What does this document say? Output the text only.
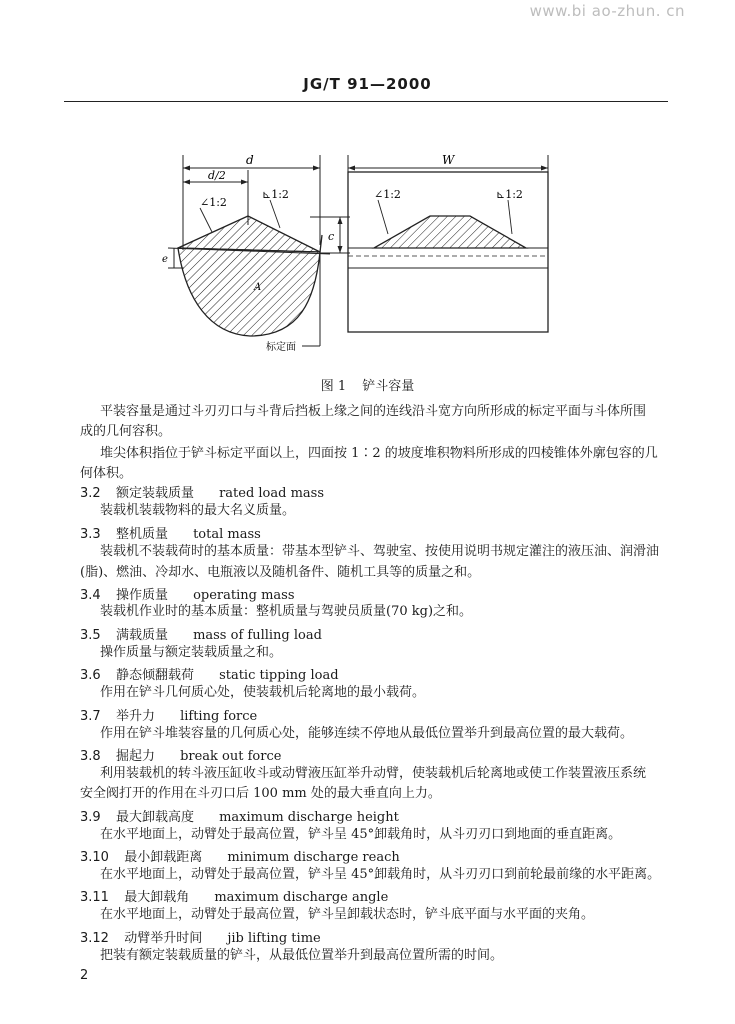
www.bi ao-zhun. cn
JG/T 91—2000
d
d/2
∠1:2
⊾1:2
c
e
A
标定面
W
∠1:2	⊾1:2
图 1 铲斗容量
平装容量是通过斗刃刃口与斗背后挡板上缘之间的连线沿斗宽方向所形成的标定平面与斗体所围
成的几何容积。
堆尖体积指位于铲斗标定平面以上，四面按 1∶2 的坡度堆积物料所形成的四棱锥体外廓包容的几
何体积。
3.2 额定装载质量 rated load mass
装载机装载物料的最大名义质量。
3.3 整机质量 total mass
装载机不装载荷时的基本质量：带基本型铲斗、驾驶室、按使用说明书规定灌注的液压油、润滑油
(脂)、燃油、冷却水、电瓶液以及随机备件、随机工具等的质量之和。
3.4 操作质量 operating mass
装载机作业时的基本质量：整机质量与驾驶员质量(70 kg)之和。
3.5 满载质量 mass of fulling load
操作质量与额定装载质量之和。
3.6 静态倾翻载荷 static tipping load
作用在铲斗几何质心处，使装载机后轮离地的最小载荷。
3.7 举升力 lifting force
作用在铲斗堆装容量的几何质心处，能够连续不停地从最低位置举升到最高位置的最大载荷。
3.8 掘起力 break out force
利用装载机的转斗液压缸收斗或动臂液压缸举升动臂，使装载机后轮离地或使工作装置液压系统
安全阀打开的作用在斗刃口后 100 mm 处的最大垂直向上力。
3.9 最大卸载高度 maximum discharge height
在水平地面上，动臂处于最高位置，铲斗呈 45°卸载角时，从斗刃刃口到地面的垂直距离。
3.10 最小卸载距离 minimum discharge reach
在水平地面上，动臂处于最高位置，铲斗呈 45°卸载角时，从斗刃刃口到前轮最前缘的水平距离。
3.11 最大卸载角 maximum discharge angle
在水平地面上，动臂处于最高位置，铲斗呈卸载状态时，铲斗底平面与水平面的夹角。
3.12 动臂举升时间 jib lifting time
把装有额定装载质量的铲斗，从最低位置举升到最高位置所需的时间。
2
